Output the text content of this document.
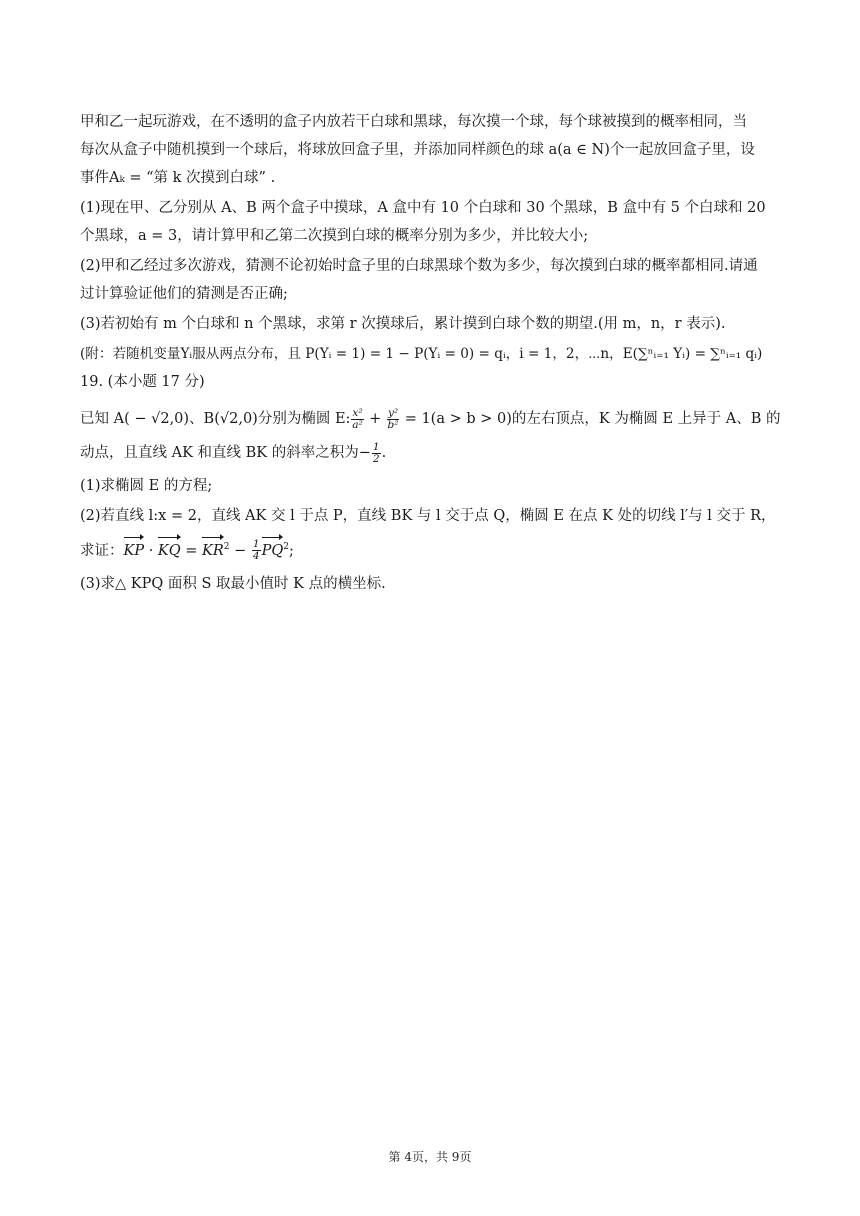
甲和乙一起玩游戏，在不透明的盒子内放若干白球和黑球，每次摸一个球，每个球被摸到的概率相同，当
每次从盒子中随机摸到一个球后，将球放回盒子里，并添加同样颜色的球 a(a ∈ N)个一起放回盒子里，设
事件Aₖ = “第 k 次摸到白球” .
(1)现在甲、乙分别从 A、B 两个盒子中摸球，A 盒中有 10 个白球和 30 个黑球，B 盒中有 5 个白球和 20
个黑球，a = 3，请计算甲和乙第二次摸到白球的概率分别为多少，并比较大小;
(2)甲和乙经过多次游戏，猜测不论初始时盒子里的白球黑球个数为多少，每次摸到白球的概率都相同.请通
过计算验证他们的猜测是否正确;
(3)若初始有 m 个白球和 n 个黑球，求第 r 次摸球后，累计摸到白球个数的期望.(用 m，n，r 表示).
(附：若随机变量Yᵢ服从两点分布，且 P(Yᵢ = 1) = 1 − P(Yᵢ = 0) = qᵢ，i = 1，2，⋯n，E(∑ⁿᵢ₌₁ Yᵢ) = ∑ⁿᵢ₌₁ qᵢ)
19. (本小题 17 分)
已知 A( − √2,0)、B(√2,0)分别为椭圆 E: $\frac{\text{x²}}{\text{a²}} + \frac{\text{y²}}{\text{b²}} = 1(a > b > 0)$的左右顶点，K 为椭圆 E 上异于 A、B 的
动点，且直线 AK 和直线 BK 的斜率之积为− $\frac{1}{2}$ .
(1)求椭圆 E 的方程;
(2)若直线 l:x = 2，直线 AK 交 l 于点 P，直线 BK 与 l 交于点 Q，椭圆 E 在点 K 处的切线 l′与 l 交于 R，
求证：KP · KQ = $KR^2 - \frac{1}{4} PQ^2$;
(3)求△ KPQ 面积 S 取最小值时 K 点的横坐标.
第 4页，共 9页
